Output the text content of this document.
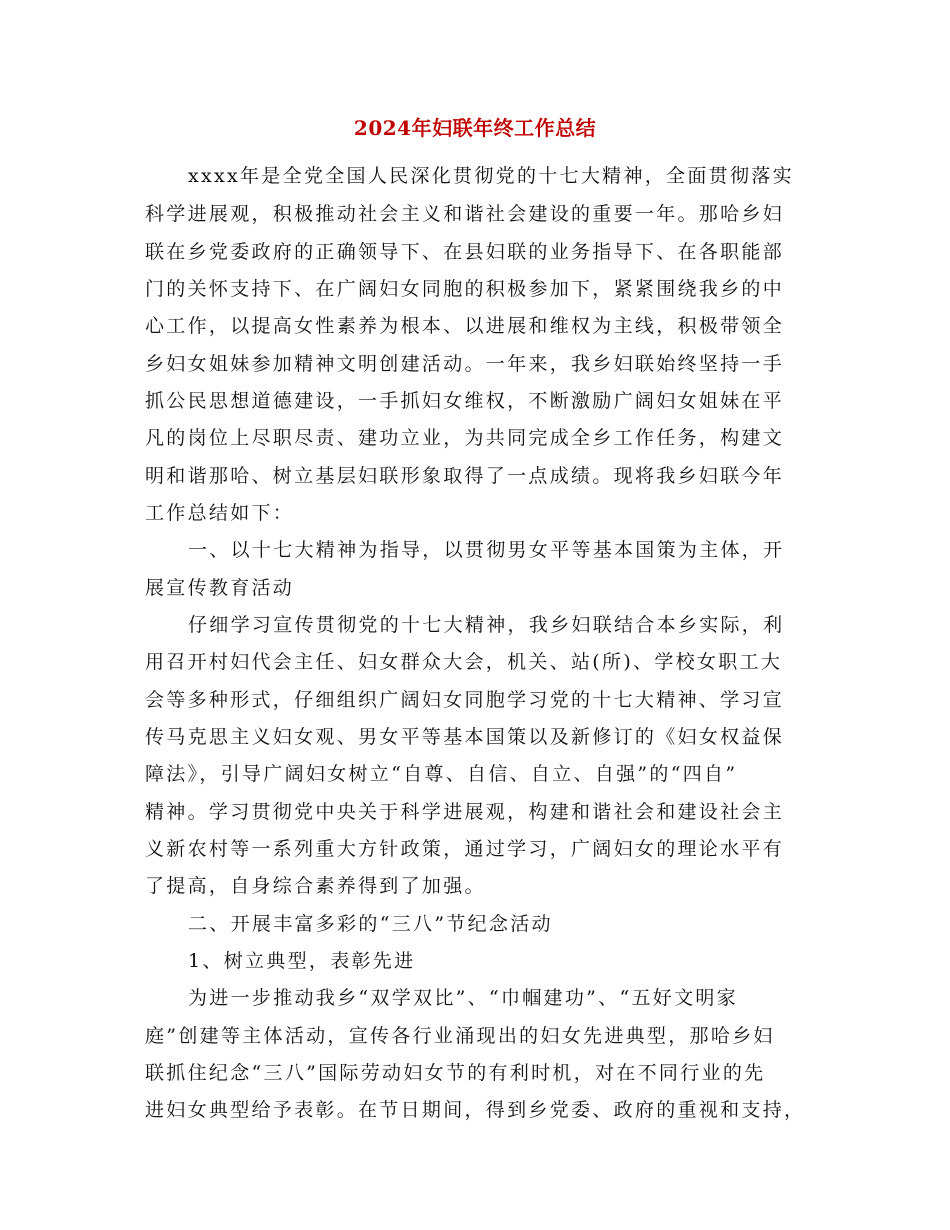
2024年妇联年终工作总结
xxxx年是全党全国人民深化贯彻党的十七大精神，全面贯彻落实
科学进展观，积极推动社会主义和谐社会建设的重要一年。那哈乡妇
联在乡党委政府的正确领导下、在县妇联的业务指导下、在各职能部
门的关怀支持下、在广阔妇女同胞的积极参加下，紧紧围绕我乡的中
心工作，以提高女性素养为根本、以进展和维权为主线，积极带领全
乡妇女姐妹参加精神文明创建活动。一年来，我乡妇联始终坚持一手
抓公民思想道德建设，一手抓妇女维权，不断激励广阔妇女姐妹在平
凡的岗位上尽职尽责、建功立业，为共同完成全乡工作任务，构建文
明和谐那哈、树立基层妇联形象取得了一点成绩。现将我乡妇联今年
工作总结如下：
一、以十七大精神为指导，以贯彻男女平等基本国策为主体，开
展宣传教育活动
仔细学习宣传贯彻党的十七大精神，我乡妇联结合本乡实际，利
用召开村妇代会主任、妇女群众大会，机关、站(所)、学校女职工大
会等多种形式，仔细组织广阔妇女同胞学习党的十七大精神、学习宣
传马克思主义妇女观、男女平等基本国策以及新修订的《妇女权益保
障法》，引导广阔妇女树立“自尊、自信、自立、自强”的“四自”
精神。学习贯彻党中央关于科学进展观，构建和谐社会和建设社会主
义新农村等一系列重大方针政策，通过学习，广阔妇女的理论水平有
了提高，自身综合素养得到了加强。
二、开展丰富多彩的“三八”节纪念活动
1、树立典型，表彰先进
为进一步推动我乡“双学双比”、“巾帼建功”、“五好文明家
庭”创建等主体活动，宣传各行业涌现出的妇女先进典型，那哈乡妇
联抓住纪念“三八”国际劳动妇女节的有利时机，对在不同行业的先
进妇女典型给予表彰。在节日期间，得到乡党委、政府的重视和支持，
